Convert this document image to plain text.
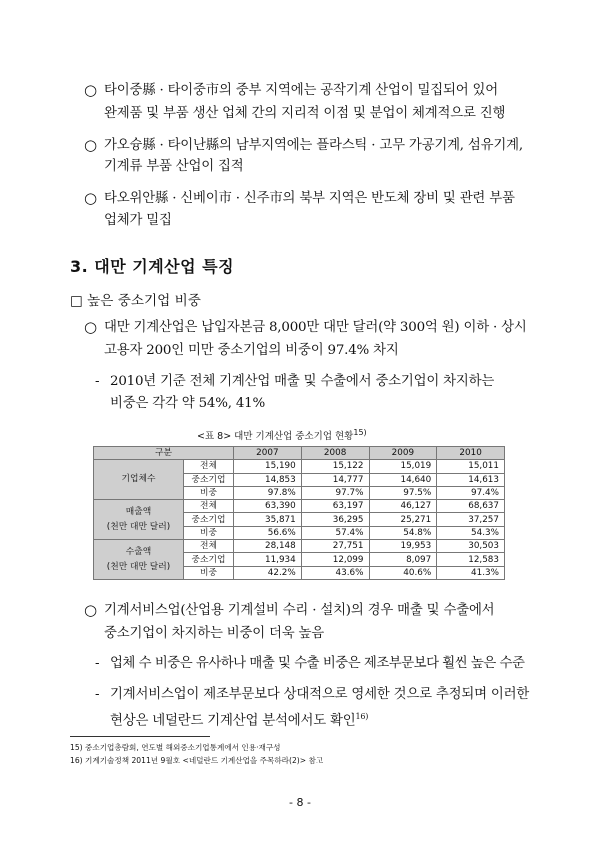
○ 타이중縣 · 타이중市의 중부 지역에는 공작기계 산업이 밀집되어 있어
완제품 및 부품 생산 업체 간의 지리적 이점 및 분업이 체계적으로 진행
○ 가오슝縣 · 타이난縣의 남부지역에는 플라스틱 · 고무 가공기계, 섬유기계,
기계류 부품 산업이 집적
○ 타오위안縣 · 신베이市 · 신주市의 북부 지역은 반도체 장비 및 관련 부품
업체가 밀집
3. 대만 기계산업 특징
□ 높은 중소기업 비중
○ 대만 기계산업은 납입자본금 8,000만 대만 달러(약 300억 원) 이하 · 상시
고용자 200인 미만 중소기업의 비중이 97.4% 차지
- 2010년 기준 전체 기계산업 매출 및 수출에서 중소기업이 차지하는
비중은 각각 약 54%, 41%
<표 8> 대만 기계산업 중소기업 현황$^{15)}$
구분		2007	2008	2009	2010
기업체수	전체	15,190	15,122	15,019	15,011
	중소기업	14,853	14,777	14,640	14,613
	비중	97.8%	97.7%	97.5%	97.4%
매출액
(천만 대만 달러)	전체	63,390	63,197	46,127	68,637
	중소기업	35,871	36,295	25,271	37,257
	비중	56.6%	57.4%	54.8%	54.3%
수출액
(천만 대만 달러)	전체	28,148	27,751	19,953	30,503
	중소기업	11,934	12,099	8,097	12,583
	비중	42.2%	43.6%	40.6%	41.3%
○ 기계서비스업(산업용 기계설비 수리 · 설치)의 경우 매출 및 수출에서
중소기업이 차지하는 비중이 더욱 높음
- 업체 수 비중은 유사하나 매출 및 수출 비중은 제조부문보다 훨씬 높은 수준
- 기계서비스업이 제조부문보다 상대적으로 영세한 것으로 추정되며 이러한
현상은 네덜란드 기계산업 분석에서도 확인$^{16)}$
15) 중소기업총람회, 연도별 해외중소기업통계에서 인용·재구성
16) 기계기술정책 2011년 9월호 <네덜란드 기계산업을 주목하라(2)> 참고
- 8 -
